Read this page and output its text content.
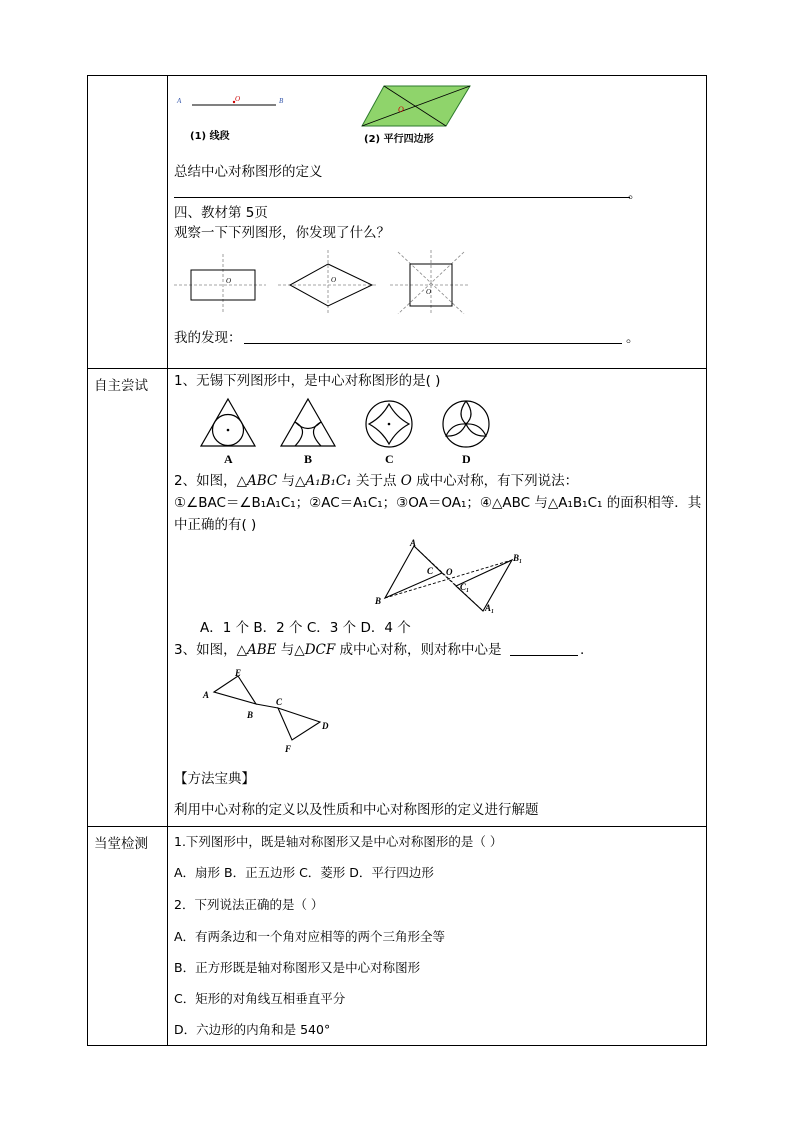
A	O	B
(1) 线段
O
(2) 平行四边形
总结中心对称图形的定义
。
四、教材第 5页
观察一下下列图形，你发现了什么？
O	O
O
我的发现：	。
自主尝试 1、无锡下列图形中，是中心对称图形的是( )
A	B	C	D
2、如图，△ABC 与△A₁B₁C₁ 关于点 O 成中心对称，有下列说法：
①∠BAC＝∠B₁A₁C₁；②AC＝A₁C₁；③OA＝OA₁；④△ABC 与△A₁B₁C₁ 的面积相等．其
中正确的有( )
A
B
C O
B₁
C₁
A₁
A．1 个 B．2 个 C．3 个 D．4 个
3、如图，△ABE 与△DCF 成中心对称，则对称中心是	.
A
E
B
C
D
F
【方法宝典】
利用中心对称的定义以及性质和中心对称图形的定义进行解题
当堂检测 1.下列图形中，既是轴对称图形又是中心对称图形的是（ ）
A．扇形 B．正五边形 C．菱形 D．平行四边形
2．下列说法正确的是（ ）
A．有两条边和一个角对应相等的两个三角形全等
B．正方形既是轴对称图形又是中心对称图形
C．矩形的对角线互相垂直平分
D．六边形的内角和是 540°
